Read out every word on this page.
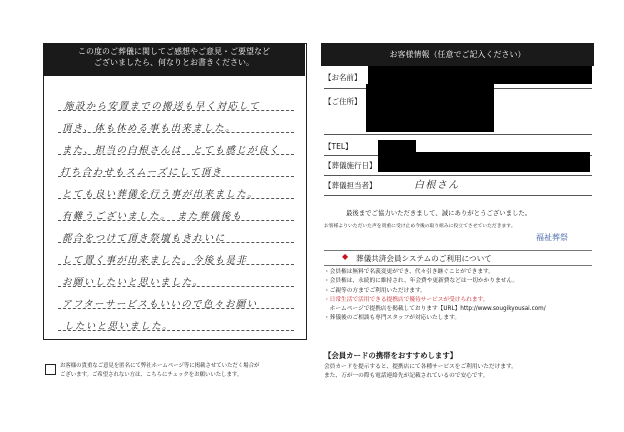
この度のご葬儀に関してご感想やご意見・ご要望など
ございましたら、何なりとお書きください。
施設から安置までの搬送も早く対応して
頂き、体も休める事も出来ました。
また、担当の白根さんは　とても感じが良く
打ち合わせもスムーズにして頂き
とても良い葬儀を行う事が出来ました。
有難うございました。　また葬儀後も
都合をつけて頂き祭壇もきれいに
して置く事が出来ました。今後も是非
お願いしたいと思いました。
アフターサービスもいいので色々お願い
したいと思いました。
お客様の貴重なご意見を匿名にて弊社ホームページ等に掲載させていただく場合が
ございます。ご希望されない方は、こちらにチェックをお願いいたします。
お客様情報（任意でご記入ください）
【お名前】
【ご住所】
【TEL】
【葬儀施行日】
【葬儀担当者】	白根さん
最後までご協力いただきまして、誠にありがとうございました。
お客様よりいただいた声を貴重に受け止め今後の取り組みに役立てさせていただきます。
福祉葬祭
◆ 葬儀共済会員システムのご利用について
・会員権は無料で名義変更ができ、代々引き継ぐことができます。
・会員権は、永続的に維持され、年会費や更新費などは一切かかりません。
・ご親等の方までご利用いただけます。
・日常生活で活用できる提携店で優待サービスが受けられます。
　ホームページで提携店を掲載しております【URL】http://www.sougikyousai.com/
・葬儀後のご相談も専門スタッフが対応いたします。
【会員カードの携帯をおすすめします】
会員カードを提示すると、提携店にて各種サービスをご利用いただけます。
また、万が一の際も電話連絡先が記載されているので安心です。
